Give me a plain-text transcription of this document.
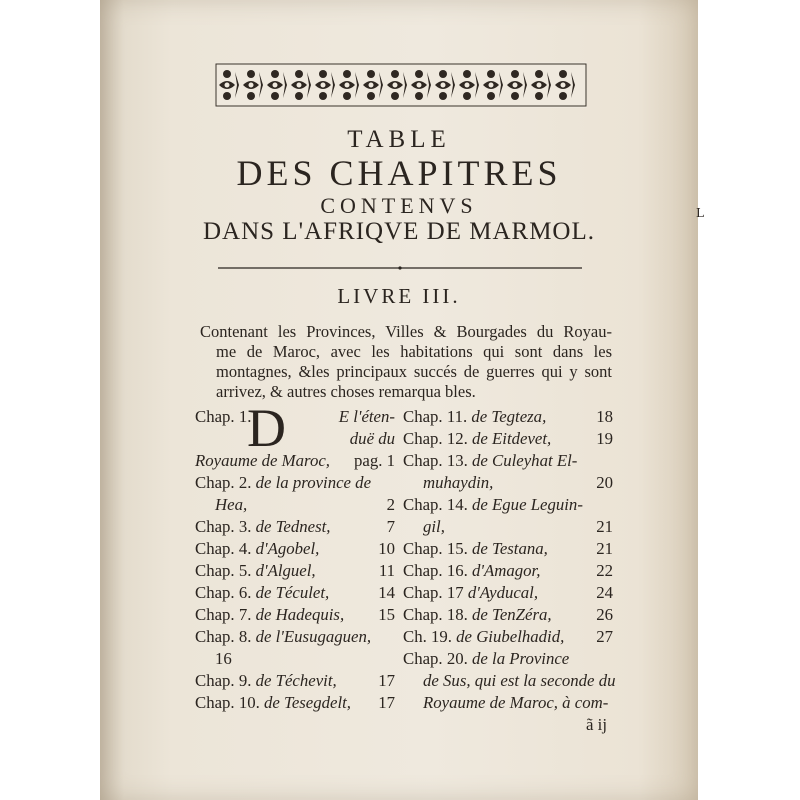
TABLE
DES CHAPITRES
CONTENVS
DANS L'AFRIQVE DE MARMOL.
L
LIVRE III.
Contenant les Provinces, Villes & Bourgades du Royau-
me de Maroc, avec les habitations qui sont dans les
montagnes, &les principaux succés de guerres qui y sont
arrivez, & autres choses remarqua bles.
Chap. 1.
D	E l'éten-
duë du
Royaume de Maroc, pag. 1
Chap. 2. de la province de
Hea,	2
Chap. 3. de Tednest,	7
Chap. 4. d'Agobel,	10
Chap. 5. d'Alguel,	11
Chap. 6. de Téculet,	14
Chap. 7. de Hadequis, 15
Chap. 8. de l'Eusugaguen,
16
Chap. 9. de Téchevit, 17
Chap. 10. de Tesegdelt, 17
Chap. 11. de Tegteza,	18
Chap. 12. de Eitdevet,	19
Chap. 13. de Culeyhat El-
muhaydin,	20
Chap. 14. de Egue Leguin-
gil,	21
Chap. 15. de Testana,	21
Chap. 16. d'Amagor,	22
Chap. 17 d'Ayducal,	24
Chap. 18. de TenZéra,	26
Ch. 19. de Giubelhadid, 27
Chap. 20. de la Province
de Sus, qui est la seconde du
Royaume de Maroc, à com-
ã ij
